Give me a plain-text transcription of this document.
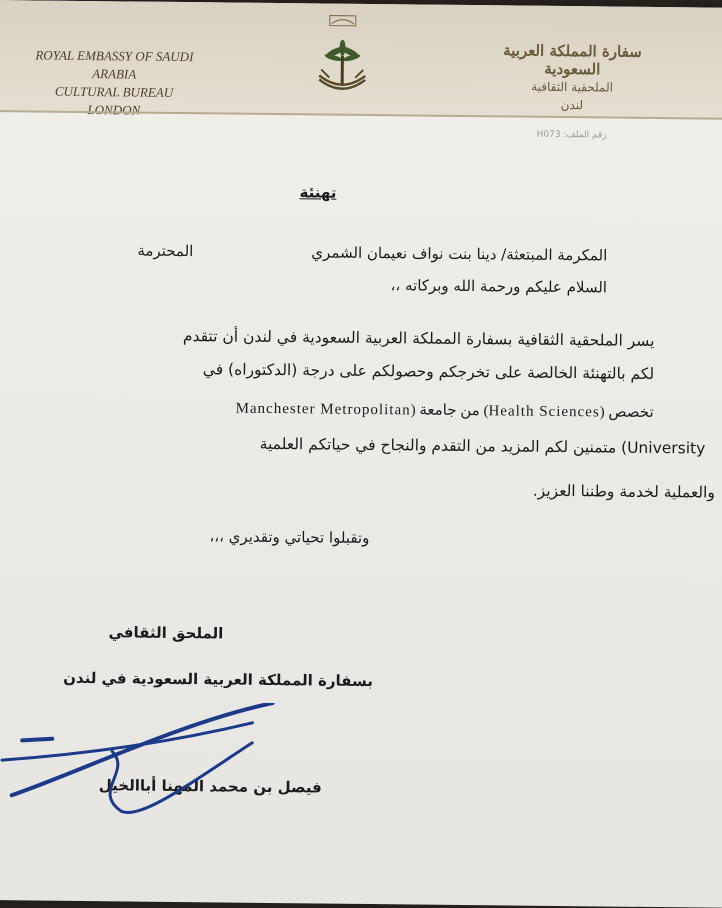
ROYAL EMBASSY OF SAUDI ARABIA
CULTURAL BUREAU
LONDON
سفارة المملكة العربية السعودية
الملحقية الثقافية
لندن
رقم الملف: H073
تهنئة
المكرمة المبتعثة/ دينا بنت نواف نعيمان الشمري
المحترمة
السلام عليكم ورحمة الله وبركاته ،،
يسر الملحقية الثقافية بسفارة المملكة العربية السعودية في لندن أن تتقدم
لكم بالتهنئة الخالصة على تخرجكم وحصولكم على درجة (الدكتوراه) في
تخصص (Health Sciences) من جامعة (Manchester Metropolitan
University) متمنين لكم المزيد من التقدم والنجاح في حياتكم العلمية
والعملية لخدمة وطننا العزيز.
وتقبلوا تحياتي وتقديري ،،،
الملحق الثقافي
بسفارة المملكة العربية السعودية في لندن
فيصل بن محمد المهنا أباالخيل
